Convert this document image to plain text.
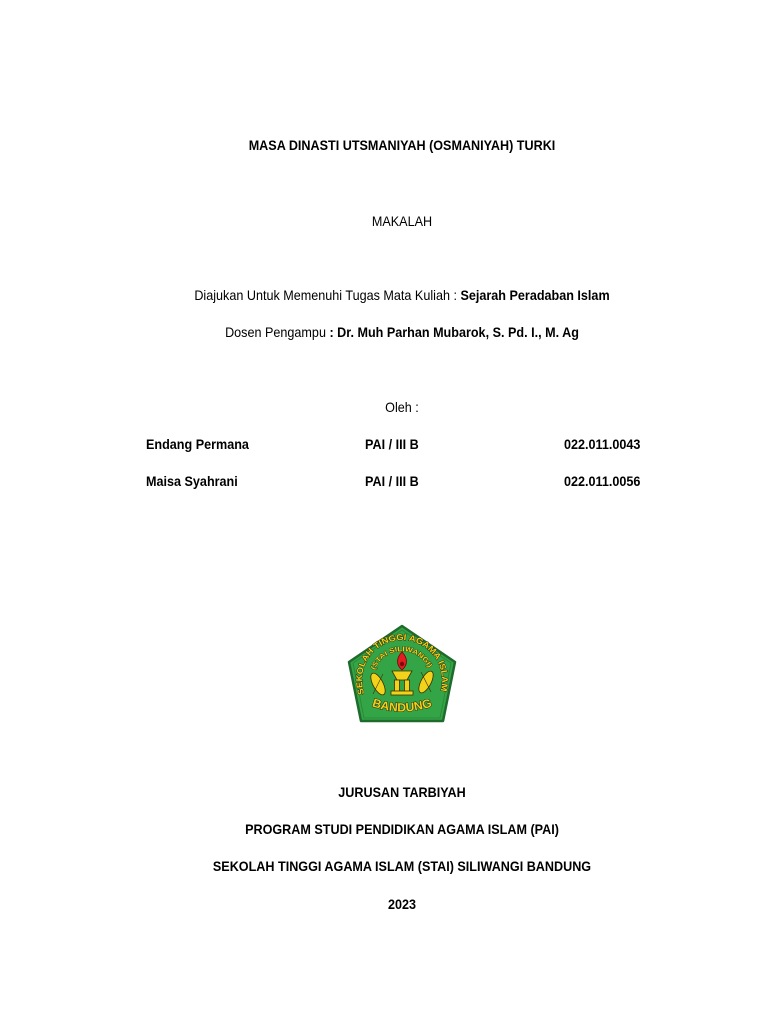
MASA DINASTI UTSMANIYAH (OSMANIYAH) TURKI
MAKALAH
Diajukan Untuk Memenuhi Tugas Mata Kuliah : Sejarah Peradaban Islam
Dosen Pengampu : Dr. Muh Parhan Mubarok, S. Pd. I., M. Ag
Oleh :
Endang Permana	PAI / III B	022.011.0043
Maisa Syahrani	PAI / III B	022.011.0056
SEKOLAH TINGGI AGAMA ISLAM
(STAI SILIWANGI)
BANDUNG
JURUSAN TARBIYAH
PROGRAM STUDI PENDIDIKAN AGAMA ISLAM (PAI)
SEKOLAH TINGGI AGAMA ISLAM (STAI) SILIWANGI BANDUNG
2023
